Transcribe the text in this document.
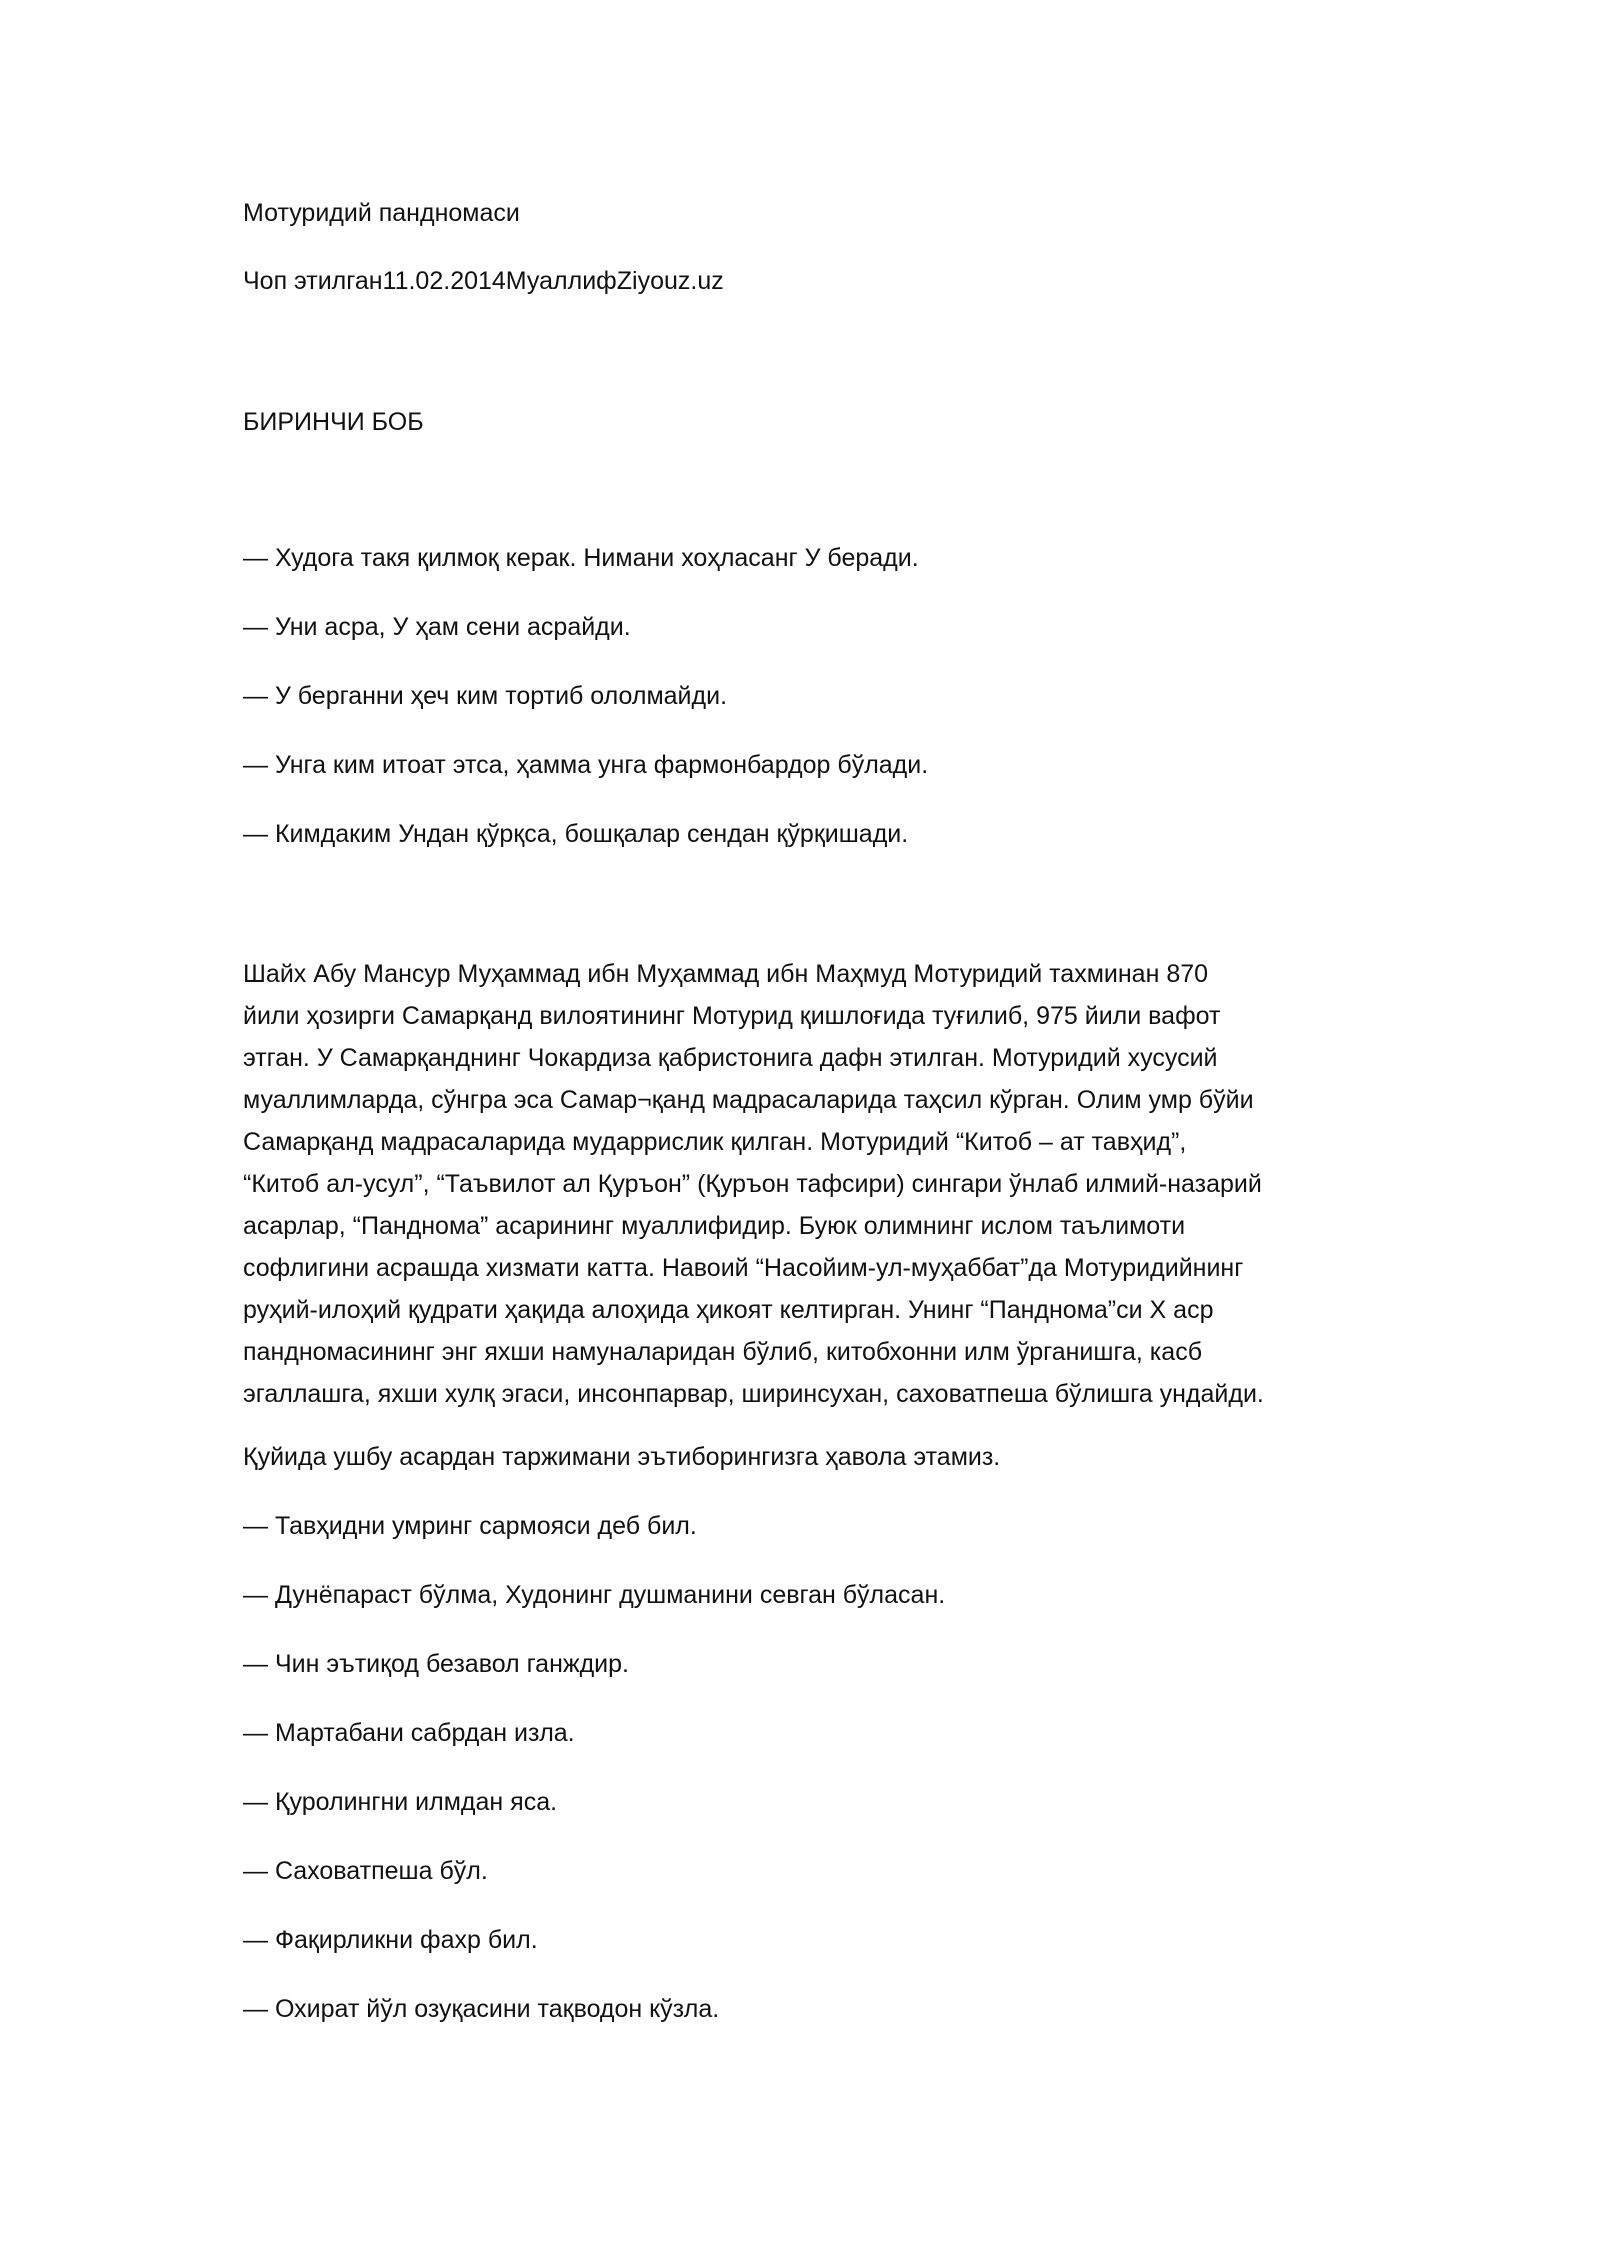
Мотуридий пандномаси

Чоп этилган11.02.2014МуаллифZiyouz.uz

БИРИНЧИ БОБ

— Худога такя қилмоқ керак. Нимани хоҳласанг У беради.

— Уни асра, У ҳам сени асрайди.

— У берганни ҳеч ким тортиб ололмайди.

— Унга ким итоат этса, ҳамма унга фармонбардор бўлади.

— Кимдаким Ундан қўрқса, бошқалар сендан қўрқишади.

Шайх Абу Мансур Муҳаммад ибн Муҳаммад ибн Маҳмуд Мотуридий тахминан 870
йили ҳозирги Самарқанд вилоятининг Мотурид қишлоғида туғилиб, 975 йили вафот
этган. У Самарқанднинг Чокардиза қабристонига дафн этилган. Мотуридий хусусий
муаллимларда, сўнгра эса Самар¬қанд мадрасаларида таҳсил кўрган. Олим умр бўйи
Самарқанд мадрасаларида мударрислик қилган. Мотуридий “Китоб – ат тавҳид”,
“Китоб ал-усул”, “Таъвилот ал Қуръон” (Қуръон тафсири) сингари ўнлаб илмий-назарий
асарлар, “Пандномa” асарининг муаллифидир. Буюк олимнинг ислом таълимоти
софлигини асрашда хизмати катта. Навоий “Насойим-ул-муҳаббат”да Мотуридийнинг
руҳий-илоҳий қудрати ҳақида алоҳида ҳикоят келтирган. Унинг “Пандномa”си Х аср
пандномасининг энг яхши намуналаридан бўлиб, китобхонни илм ўрганишга, касб
эгаллашга, яхши хулқ эгаси, инсонпарвар, ширинсухан, саховатпеша бўлишга ундайди.

Қуйида ушбу асардан таржимани эътиборингизга ҳавола этамиз.

— Тавҳидни умринг сармояси деб бил.

— Дунёпараст бўлма, Худонинг душманини севган бўласан.

— Чин эътиқод безавол ганждир.

— Мартабани сабрдан изла.

— Қуролингни илмдан яса.

— Саховатпеша бўл.

— Фақирликни фахр бил.

— Охират йўл озуқасини тақводон кўзла.
